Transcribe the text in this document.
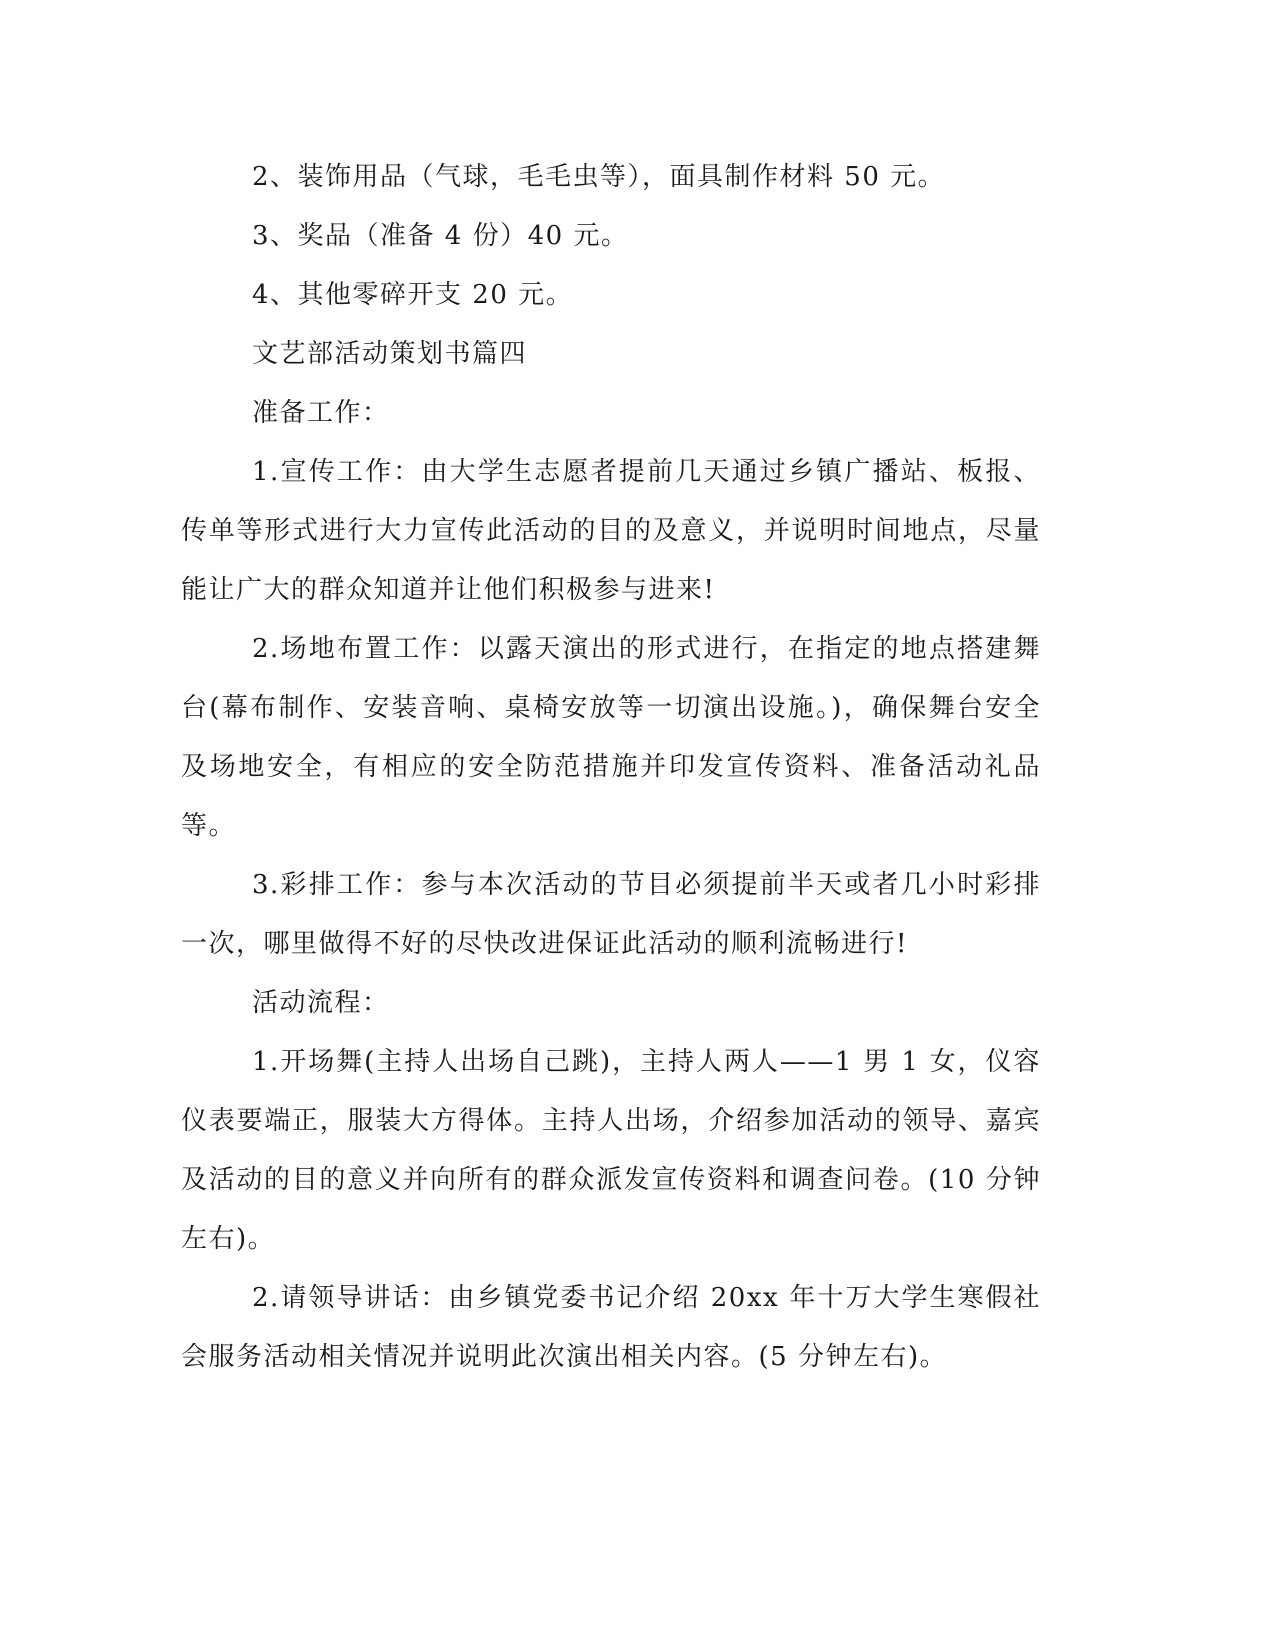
2、装饰用品（气球，毛毛虫等），面具制作材料 50 元。

3、奖品（准备 4 份）40 元。

4、其他零碎开支 20 元。

文艺部活动策划书篇四

准备工作：

1.宣传工作：由大学生志愿者提前几天通过乡镇广播站、板报、传单等形式进行大力宣传此活动的目的及意义，并说明时间地点，尽量能让广大的群众知道并让他们积极参与进来!

2.场地布置工作：以露天演出的形式进行，在指定的地点搭建舞台(幕布制作、安装音响、桌椅安放等一切演出设施。)，确保舞台安全及场地安全，有相应的安全防范措施并印发宣传资料、准备活动礼品等。

3.彩排工作：参与本次活动的节目必须提前半天或者几小时彩排一次，哪里做得不好的尽快改进保证此活动的顺利流畅进行!

活动流程：

1.开场舞(主持人出场自己跳)，主持人两人——1 男 1 女，仪容仪表要端正，服装大方得体。主持人出场，介绍参加活动的领导、嘉宾及活动的目的意义并向所有的群众派发宣传资料和调查问卷。(10 分钟左右)。

2.请领导讲话：由乡镇党委书记介绍 20xx 年十万大学生寒假社会服务活动相关情况并说明此次演出相关内容。(5 分钟左右)。
